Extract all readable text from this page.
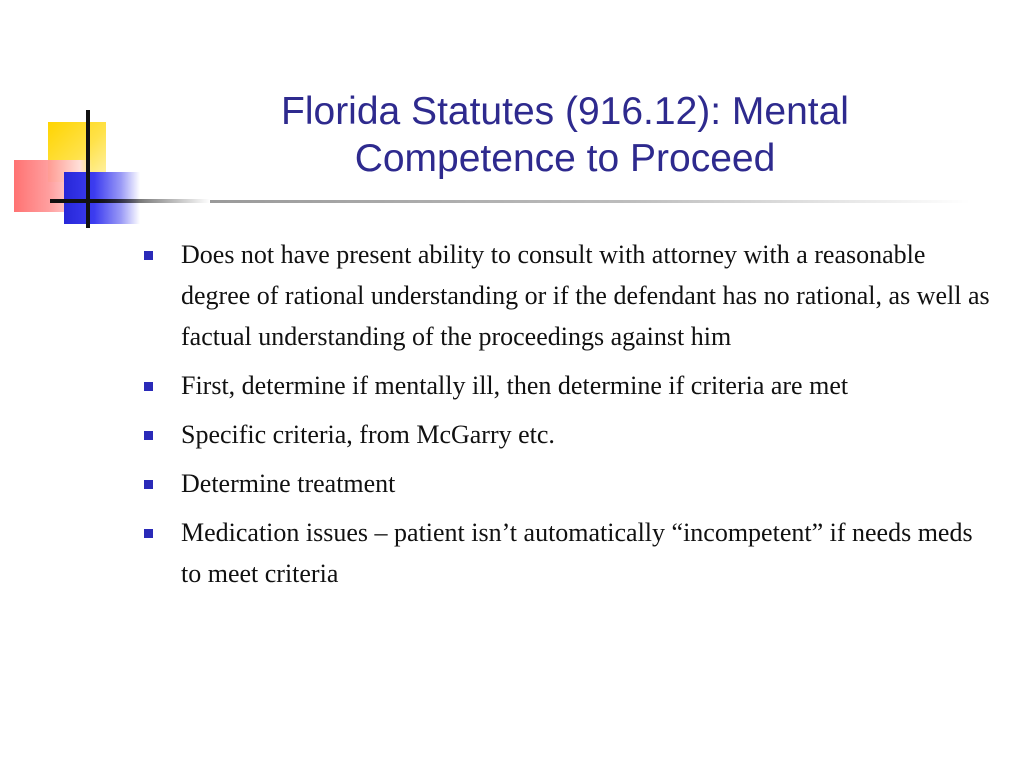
Florida Statutes (916.12): Mental
Competence to Proceed
Does not have present ability to consult with attorney with a reasonable degree of rational understanding or if the defendant has no rational, as well as factual understanding of the proceedings against him
First, determine if mentally ill, then determine if criteria are met
Specific criteria, from McGarry etc.
Determine treatment
Medication issues – patient isn’t automatically “incompetent” if needs meds to meet criteria
